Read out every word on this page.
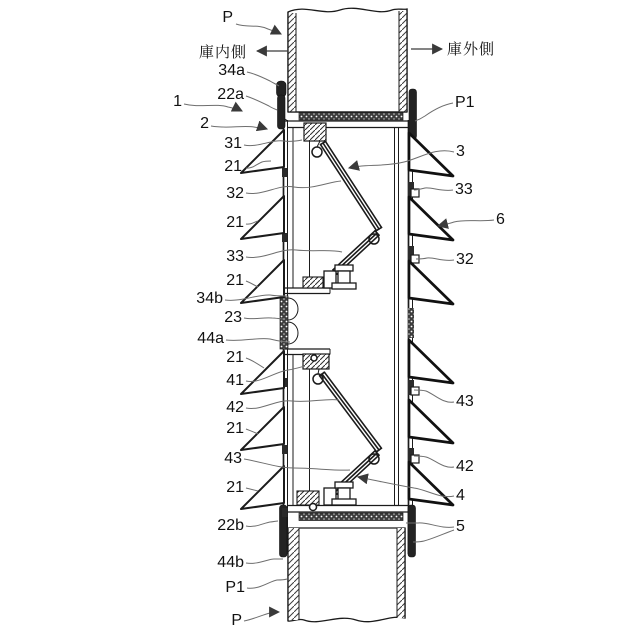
P
庫内側
34a
22a
1
2
31
21
32
21
33
21
34b
23
44a
21
41
42
21
43
21
22b
44b
P1
P
庫外側
P1
3
33
6
32
43
42
4
5
